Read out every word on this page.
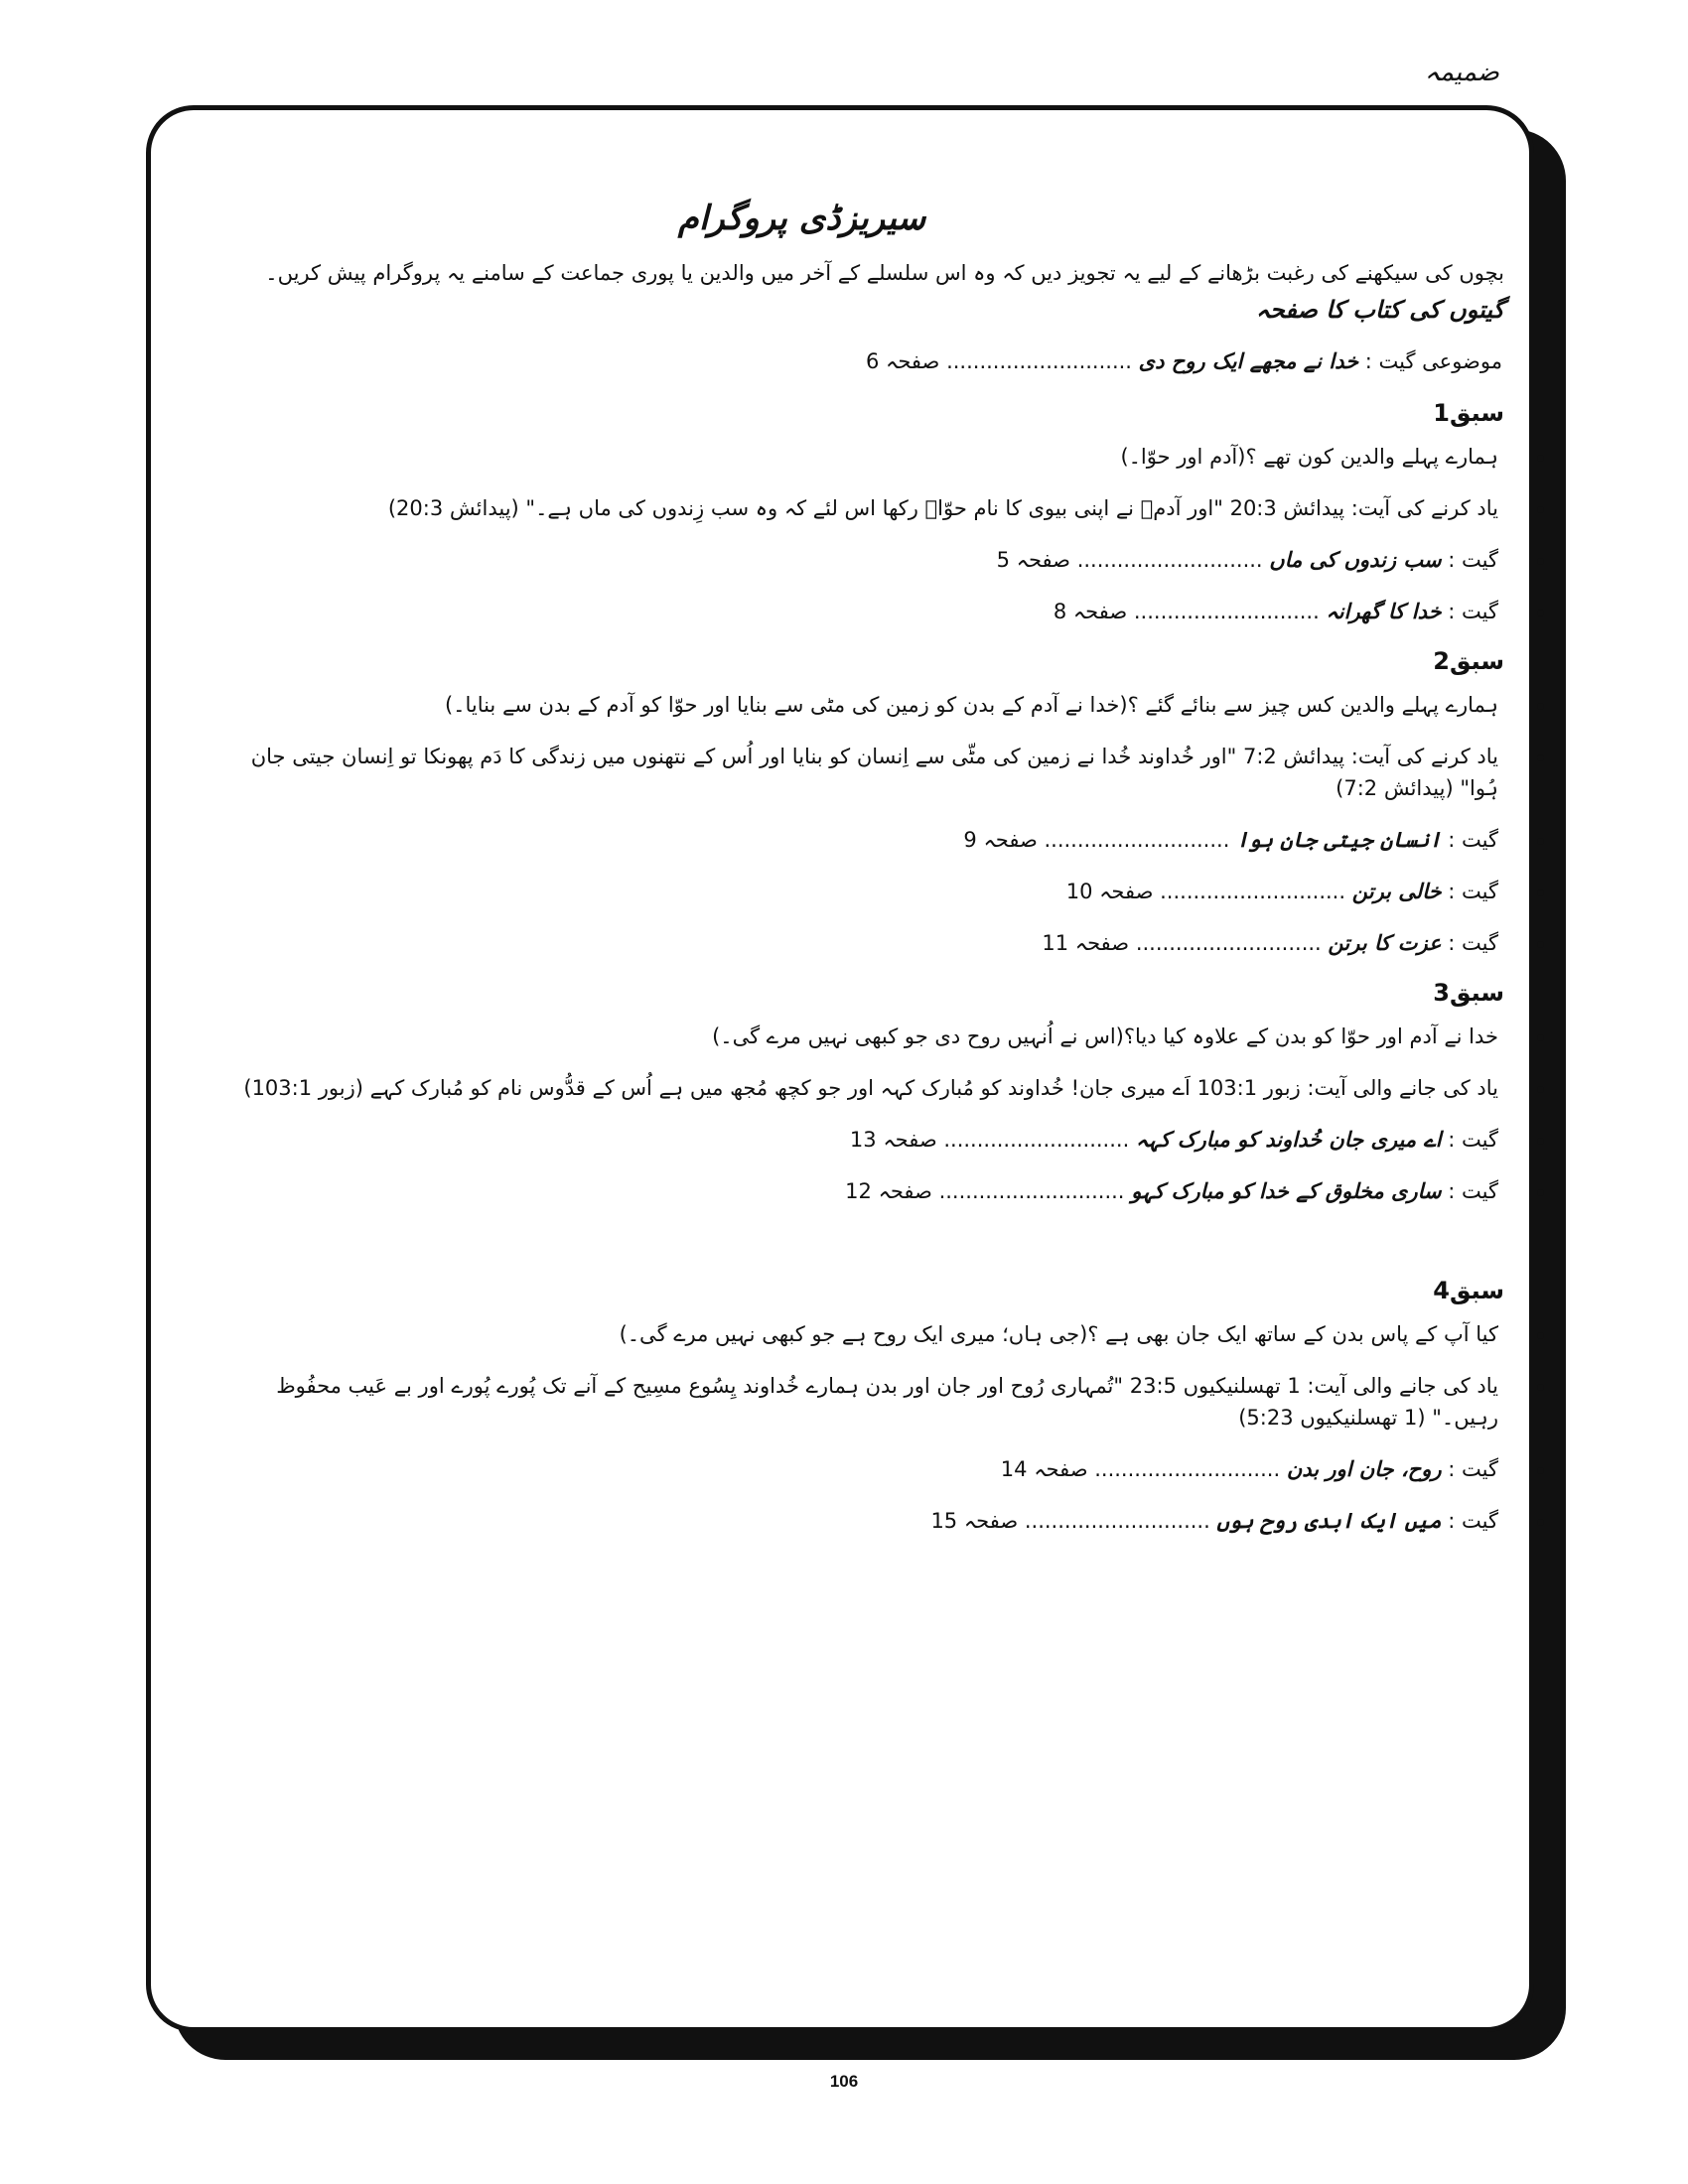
ضمیمہ
سیریزڈی پروگرام
بچوں کی سیکھنے کی رغبت بڑھانے کے لیے یہ تجویز دیں کہ وہ اس سلسلے کے آخر میں والدین یا پوری جماعت کے سامنے یہ پروگرام پیش کریں۔
گیتوں کی کتاب کا صفحہ
موضوعی گیت : خدا نے مجھے ایک روح دی ............................ صفحہ 6
سبق1
ہمارے پہلے والدین کون تھے ؟(آدم اور حوّا۔)
یاد کرنے کی آیت: پیدائش 20:3 "اور آدمؔ نے اپنی بیوی کا نام حوّاؔ رکھا اس لئے کہ وہ سب زِندوں کی ماں ہے۔" (پیدائش 20:3)
گیت : سب زندوں کی ماں ............................ صفحہ 5
گیت : خدا کا گھرانہ ............................ صفحہ 8
سبق2
ہمارے پہلے والدین کس چیز سے بنائے گئے ؟(خدا نے آدم کے بدن کو زمین کی مٹی سے بنایا اور حوّا کو آدم کے بدن سے بنایا۔)
یاد کرنے کی آیت: پیدائش 7:2 "اور خُداوند خُدا نے زمین کی مٹّی سے اِنسان کو بنایا اور اُس کے نتھنوں میں زندگی کا دَم پھونکا تو اِنسان جیتی جان ہُوا" (پیدائش 7:2)
گیت : انسان جیتی جان ہوا ............................ صفحہ 9
گیت : خالی برتن ............................ صفحہ 10
گیت : عزت کا برتن ............................ صفحہ 11
سبق3
خدا نے آدم اور حوّا کو بدن کے علاوہ کیا دیا؟(اس نے اُنہیں روح دی جو کبھی نہیں مرے گی۔)
یاد کی جانے والی آیت: زبور 103:1 اَے میری جان! خُداوند کو مُبارک کہہ اور جو کچھ مُجھ میں ہے اُس کے قدُّوس نام کو مُبارک کہے (زبور 103:1)
گیت : اے میری جان خُداوند کو مبارک کہہ ............................ صفحہ 13
گیت : ساری مخلوق کے خدا کو مبارک کہو ............................ صفحہ 12
سبق4
کیا آپ کے پاس بدن کے ساتھ ایک جان بھی ہے ؟(جی ہاں؛ میری ایک روح ہے جو کبھی نہیں مرے گی۔)
یاد کی جانے والی آیت: 1 تھسلنیکیوں 23:5 "تُمہاری رُوح اور جان اور بدن ہمارے خُداوند یِسُوع مسِیح کے آنے تک پُورے پُورے اور بے عَیب محفُوظ رہیں۔" (1 تھسلنیکیوں 5:23)
گیت : روح، جان اور بدن ............................ صفحہ 14
گیت : میں ایک ابدی روح ہوں ............................ صفحہ 15
106
